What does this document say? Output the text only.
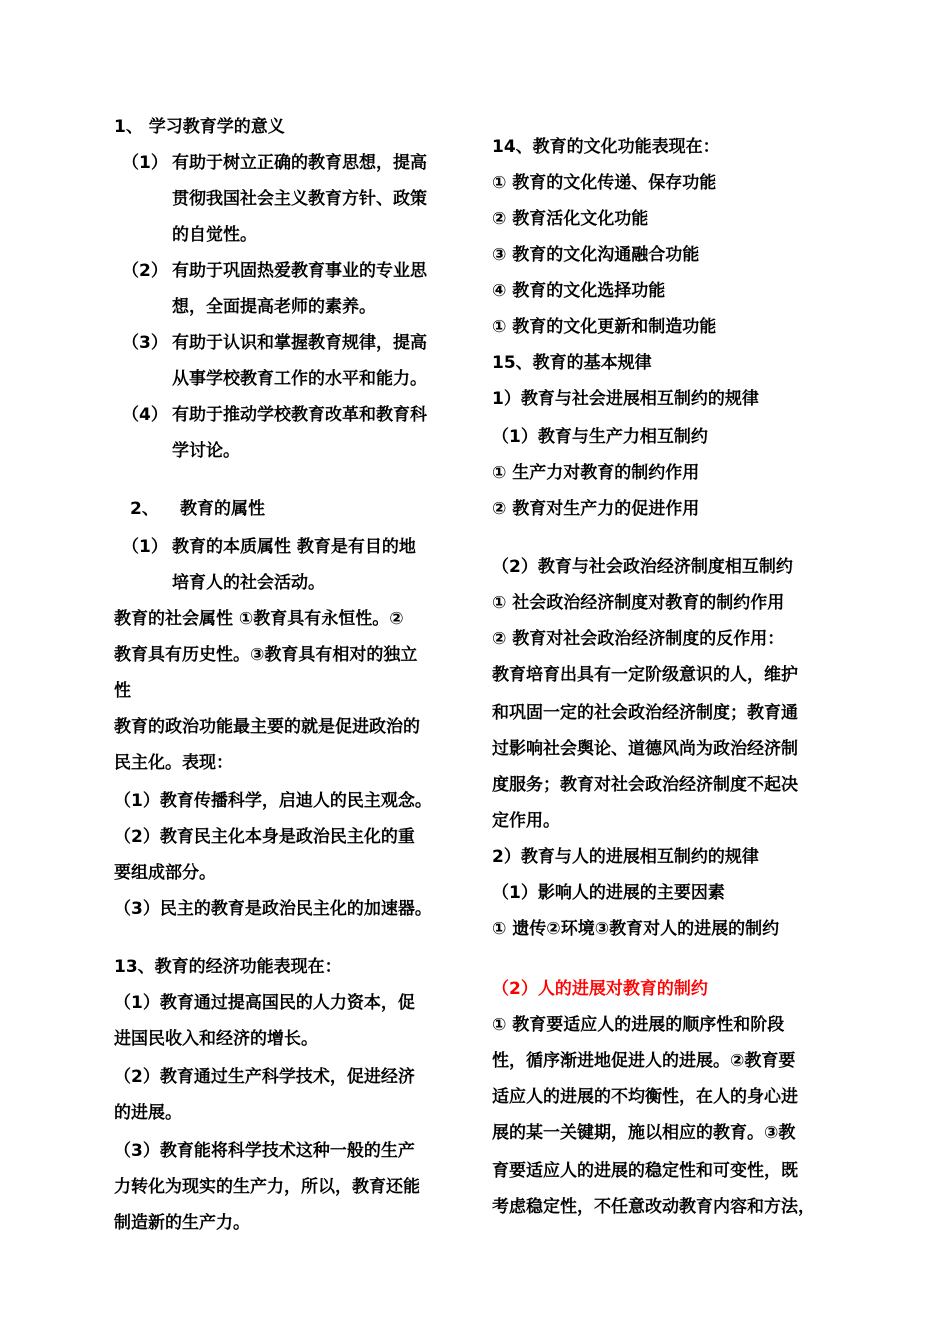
1、 学习教育学的意义
（1） 有助于树立正确的教育思想，提高
贯彻我国社会主义教育方针、政策
的自觉性。
（2） 有助于巩固热爱教育事业的专业思
想，全面提高老师的素养。
（3） 有助于认识和掌握教育规律，提高
从事学校教育工作的水平和能力。
（4） 有助于推动学校教育改革和教育科
学讨论。
2、 教育的属性
（1） 教育的本质属性 教育是有目的地
培育人的社会活动。
教育的社会属性 ①教育具有永恒性。②
教育具有历史性。③教育具有相对的独立
性
教育的政治功能最主要的就是促进政治的
民主化。表现：
（1）教育传播科学，启迪人的民主观念。
（2）教育民主化本身是政治民主化的重
要组成部分。
（3）民主的教育是政治民主化的加速器。
13、教育的经济功能表现在：
（1）教育通过提高国民的人力资本，促
进国民收入和经济的增长。
（2）教育通过生产科学技术，促进经济
的进展。
（3）教育能将科学技术这种一般的生产
力转化为现实的生产力，所以，教育还能
制造新的生产力。
14、教育的文化功能表现在：
① 教育的文化传递、保存功能
② 教育活化文化功能
③ 教育的文化沟通融合功能
④ 教育的文化选择功能
① 教育的文化更新和制造功能
15、教育的基本规律
1）教育与社会进展相互制约的规律
（1）教育与生产力相互制约
① 生产力对教育的制约作用
② 教育对生产力的促进作用
（2）教育与社会政治经济制度相互制约
① 社会政治经济制度对教育的制约作用
② 教育对社会政治经济制度的反作用：
教育培育出具有一定阶级意识的人，维护
和巩固一定的社会政治经济制度；教育通
过影响社会舆论、道德风尚为政治经济制
度服务；教育对社会政治经济制度不起决
定作用。
2）教育与人的进展相互制约的规律
（1）影响人的进展的主要因素
① 遗传②环境③教育对人的进展的制约
（2）人的进展对教育的制约
① 教育要适应人的进展的顺序性和阶段
性，循序渐进地促进人的进展。②教育要
适应人的进展的不均衡性，在人的身心进
展的某一关键期，施以相应的教育。③教
育要适应人的进展的稳定性和可变性，既
考虑稳定性，不任意改动教育内容和方法，
